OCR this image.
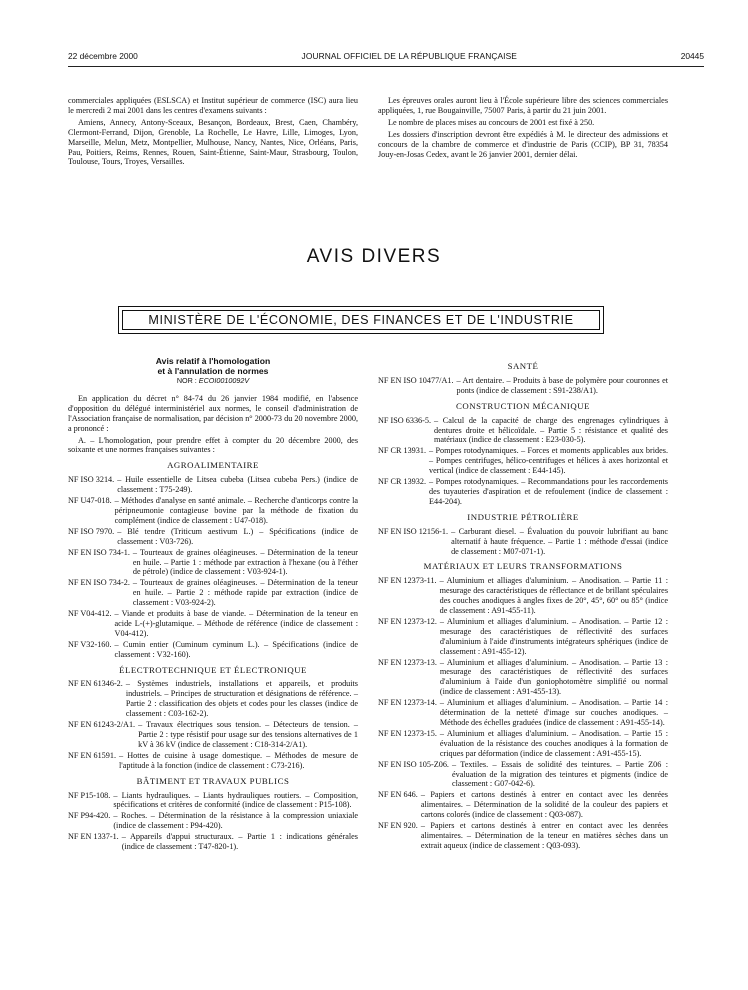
22 décembre 2000	JOURNAL OFFICIEL DE LA RÉPUBLIQUE FRANÇAISE	20445

commerciales appliquées (ESLSCA) et Institut supérieur de commerce (ISC) aura lieu le mercredi 2 mai 2001 dans les centres d'examens suivants :

Amiens, Annecy, Antony-Sceaux, Besançon, Bordeaux, Brest, Caen, Chambéry, Clermont-Ferrand, Dijon, Grenoble, La Rochelle, Le Havre, Lille, Limoges, Lyon, Marseille, Melun, Metz, Montpellier, Mulhouse, Nancy, Nantes, Nice, Orléans, Paris, Pau, Poitiers, Reims, Rennes, Rouen, Saint-Étienne, Saint-Maur, Strasbourg, Toulon, Toulouse, Tours, Troyes, Versailles.

Les épreuves orales auront lieu à l'École supérieure libre des sciences commerciales appliquées, 1, rue Bougainville, 75007 Paris, à partir du 21 juin 2001.

Le nombre de places mises au concours de 2001 est fixé à 250.

Les dossiers d'inscription devront être expédiés à M. le directeur des admissions et concours de la chambre de commerce et d'industrie de Paris (CCIP), BP 31, 78354 Jouy-en-Josas Cedex, avant le 26 janvier 2001, dernier délai.

AVIS DIVERS
MINISTÈRE DE L'ÉCONOMIE, DES FINANCES ET DE L'INDUSTRIE
Avis relatif à l'homologation
et à l'annulation de normes
NOR : ECOI0010092V

En application du décret n° 84-74 du 26 janvier 1984 modifié, en l'absence d'opposition du délégué interministériel aux normes, le conseil d'administration de l'Association française de normalisation, par décision n° 2000-73 du 20 novembre 2000, a prononcé :

A. – L'homologation, pour prendre effet à compter du 20 décembre 2000, des soixante et une normes françaises suivantes :

AGROALIMENTAIRE
NF ISO 3214. – Huile essentielle de Litsea cubeba (Litsea cubeba Pers.) (indice de classement : T75-249).
NF U47-018. – Méthodes d'analyse en santé animale. – Recherche d'anticorps contre la péripneumonie contagieuse bovine par la méthode de fixation du complément (indice de classement : U47-018).
NF ISO 7970. – Blé tendre (Triticum aestivum L.) – Spécifications (indice de classement : V03-726).
NF EN ISO 734-1. – Tourteaux de graines oléagineuses. – Détermination de la teneur en huile. – Partie 1 : méthode par extraction à l'hexane (ou à l'éther de pétrole) (indice de classement : V03-924-1).
NF EN ISO 734-2. – Tourteaux de graines oléagineuses. – Détermination de la teneur en huile. – Partie 2 : méthode rapide par extraction (indice de classement : V03-924-2).
NF V04-412. – Viande et produits à base de viande. – Détermination de la teneur en acide L-(+)-glutamique. – Méthode de référence (indice de classement : V04-412).
NF V32-160. – Cumin entier (Cuminum cyminum L.). – Spécifications (indice de classement : V32-160).
ÉLECTROTECHNIQUE ET ÉLECTRONIQUE
NF EN 61346-2. – Systèmes industriels, installations et appareils, et produits industriels. – Principes de structuration et désignations de référence. – Partie 2 : classification des objets et codes pour les classes (indice de classement : C03-162-2).
NF EN 61243-2/A1. – Travaux électriques sous tension. – Détecteurs de tension. – Partie 2 : type résistif pour usage sur des tensions alternatives de 1 kV à 36 kV (indice de classement : C18-314-2/A1).
NF EN 61591. – Hottes de cuisine à usage domestique. – Méthodes de mesure de l'aptitude à la fonction (indice de classement : C73-216).
BÂTIMENT ET TRAVAUX PUBLICS
NF P15-108. – Liants hydrauliques. – Liants hydrauliques routiers. – Composition, spécifications et critères de conformité (indice de classement : P15-108).
NF P94-420. – Roches. – Détermination de la résistance à la compression uniaxiale (indice de classement : P94-420).
NF EN 1337-1. – Appareils d'appui structuraux. – Partie 1 : indications générales (indice de classement : T47-820-1).
SANTÉ
NF EN ISO 10477/A1. – Art dentaire. – Produits à base de polymère pour couronnes et ponts (indice de classement : S91-238/A1).
CONSTRUCTION MÉCANIQUE
NF ISO 6336-5. – Calcul de la capacité de charge des engrenages cylindriques à dentures droite et hélicoïdale. – Partie 5 : résistance et qualité des matériaux (indice de classement : E23-030-5).
NF CR 13931. – Pompes rotodynamiques. – Forces et moments applicables aux brides. – Pompes centrifuges, hélico-centrifuges et hélices à axes horizontal et vertical (indice de classement : E44-145).
NF CR 13932. – Pompes rotodynamiques. – Recommandations pour les raccordements des tuyauteries d'aspiration et de refoulement (indice de classement : E44-204).
INDUSTRIE PÉTROLIÈRE
NF EN ISO 12156-1. – Carburant diesel. – Évaluation du pouvoir lubrifiant au banc alternatif à haute fréquence. – Partie 1 : méthode d'essai (indice de classement : M07-071-1).
MATÉRIAUX ET LEURS TRANSFORMATIONS
NF EN 12373-11. – Aluminium et alliages d'aluminium. – Anodisation. – Partie 11 : mesurage des caractéristiques de réflectance et de brillant spéculaires des couches anodiques à angles fixes de 20°, 45°, 60° ou 85° (indice de classement : A91-455-11).
NF EN 12373-12. – Aluminium et alliages d'aluminium. – Anodisation. – Partie 12 : mesurage des caractéristiques de réflectivité des surfaces d'aluminium à l'aide d'instruments intégrateurs sphériques (indice de classement : A91-455-12).
NF EN 12373-13. – Aluminium et alliages d'aluminium. – Anodisation. – Partie 13 : mesurage des caractéristiques de réflectivité des surfaces d'aluminium à l'aide d'un goniophotomètre simplifié ou normal (indice de classement : A91-455-13).
NF EN 12373-14. – Aluminium et alliages d'aluminium. – Anodisation. – Partie 14 : détermination de la netteté d'image sur couches anodiques. – Méthode des échelles graduées (indice de classement : A91-455-14).
NF EN 12373-15. – Aluminium et alliages d'aluminium. – Anodisation. – Partie 15 : évaluation de la résistance des couches anodiques à la formation de criques par déformation (indice de classement : A91-455-15).
NF EN ISO 105-Z06. – Textiles. – Essais de solidité des teintures. – Partie Z06 : évaluation de la migration des teintures et pigments (indice de classement : G07-042-6).
NF EN 646. – Papiers et cartons destinés à entrer en contact avec les denrées alimentaires. – Détermination de la solidité de la couleur des papiers et cartons colorés (indice de classement : Q03-087).
NF EN 920. – Papiers et cartons destinés à entrer en contact avec les denrées alimentaires. – Détermination de la teneur en matières sèches dans un extrait aqueux (indice de classement : Q03-093).
